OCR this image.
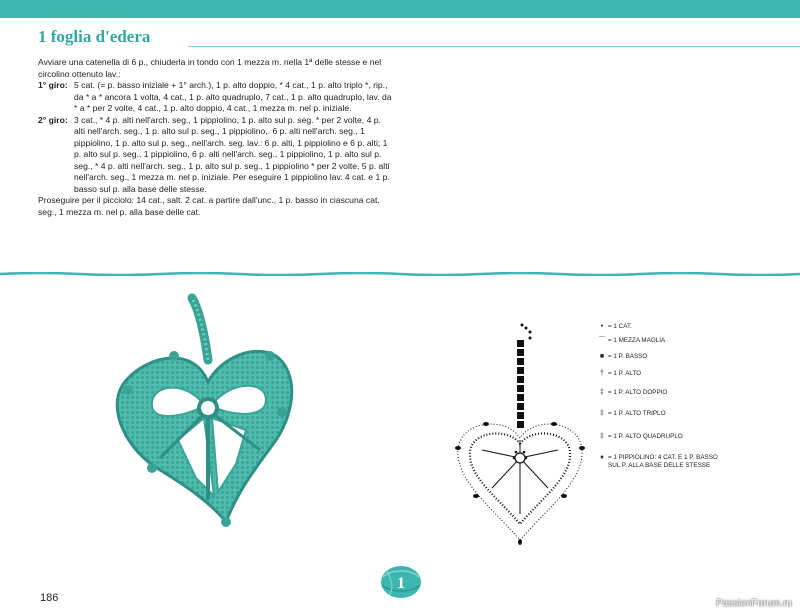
1 foglia d'edera

Avviare una catenella di 6 p., chiuderla in tondo con 1 mezza m. nella 1ª delle stesse e nel circolino ottenuto lav.:

1° giro: 5 cat. (= p. basso iniziale + 1° arch.), 1 p. alto doppio, * 4 cat., 1 p. alto triplo *, rip., da * a * ancora 1 volta, 4 cat., 1 p. alto quadruplo, 7 cat., 1 p. alto quadruplo, lav. da * a * per 2 volte, 4 cat., 1 p. alto doppio, 4 cat., 1 mezza m. nel p. iniziale.
2° giro: 3 cat., * 4 p. alti nell'arch. seg., 1 pippiolino, 1 p. alto sul p. seg. * per 2 volte, 4 p. alti nell'arch. seg., 1 p. alto sul p. seg., 1 pippiolino,. 6 p. alti nell'arch. seg., 1 pippiolino, 1 p. alto sul p. seg., nell'arch. seg. lav.: 6 p. alti, 1 pippiolino e 6 p. alti; 1 p. alto sul p. seg., 1 pippiolino, 6 p. alti nell'arch. seg., 1 pippiolino, 1 p. alto sul p. seg., * 4 p. alti nell'arch. seg., 1 p. alto sul p. seg., 1 pippiolino * per 2 volte, 5 p. alti nell'arch. seg., 1 mezza m. nel p. iniziale. Per eseguire 1 pippiolino lav. 4 cat. e 1 p. basso sul p. alla base delle stesse.

Proseguire per il picciolo: 14 cat., salt. 2 cat. a partire dall'unc., 1 p. basso in ciascuna cat. seg., 1 mezza m. nel p. alla base delle cat.

• = 1 CAT.
⌒ = 1 MEZZA MAGLIA
■ = 1 P. BASSO
† = 1 P. ALTO
‡ = 1 P. ALTO DOPPIO
‡ = 1 P. ALTO TRIPLO
‡ = 1 P. ALTO QUADRUPLO
♦ = 1 PIPPIOLINO: 4 CAT. E 1 P. BASSO
SUL P. ALLA BASE DELLE STESSE
1
186	PassionForum.ru
